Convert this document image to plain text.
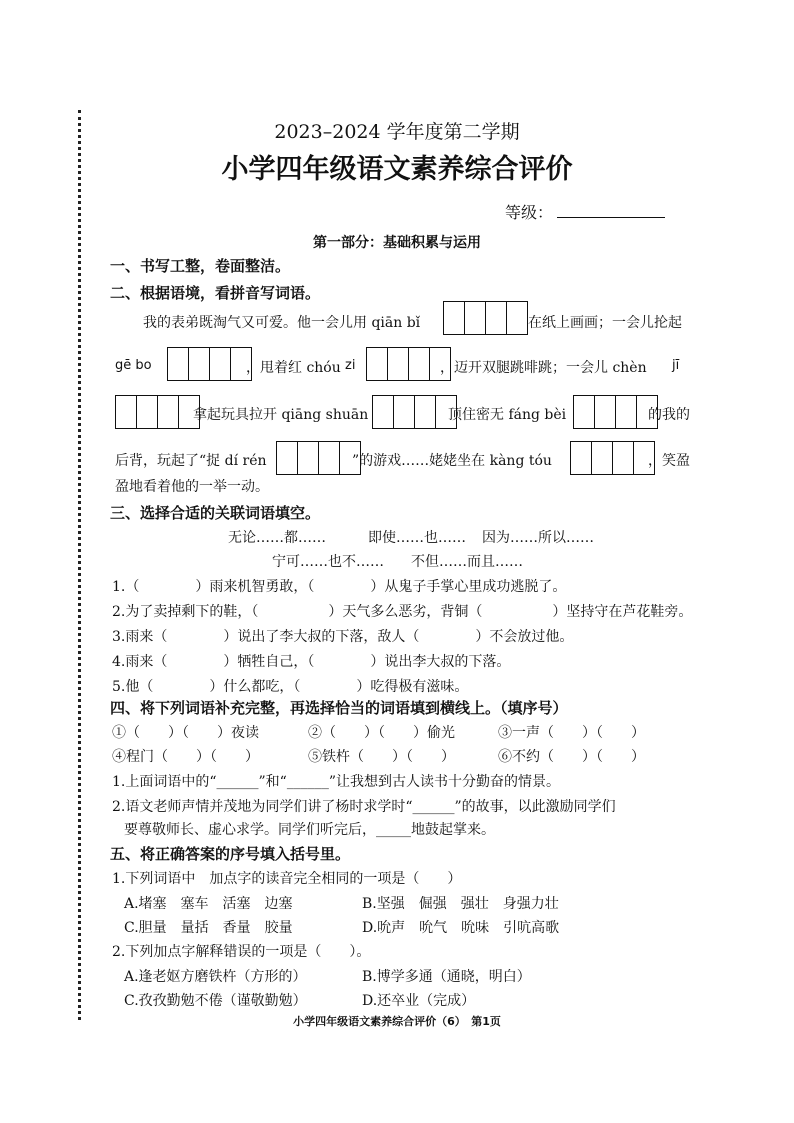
2023–2024 学年度第二学期
小学四年级语文素养综合评价
等级：
第一部分：基础积累与运用
一、书写工整，卷面整洁。
二、根据语境，看拼音写词语。
我的表弟既淘气又可爱。他一会儿用 qiān bǐ	在纸上画画；一会儿抡起
gē bo	，甩着红 chóu zi	，迈开双腿跳啡跳；一会儿 chèn jī
拿起玩具拉开 qiāng shuān	顶住密无 fáng bèi	的我的
后背，玩起了“捉 dí rén	”的游戏……姥姥坐在 kàng tóu	，笑盈
盈地看着他的一举一动。
三、选择合适的关联词语填空。
无论……都……	即使……也…… 因为……所以……
宁可……也不…… 不但……而且……
1.（　　　　）雨来机智勇敢，（　　　　）从鬼子手掌心里成功逃脱了。
2.为了卖掉剩下的鞋，（　　　　　）天气多么恶劣，背铜（　　　　　）坚持守在芦花鞋旁。
3.雨来（　　　　）说出了李大叔的下落，敌人（　　　　）不会放过他。
4.雨来（　　　　）牺牲自己，（　　　　）说出李大叔的下落。
5.他（　　　　）什么都吃，（　　　　）吃得极有滋味。
四、将下列词语补充完整，再选择恰当的词语填到横线上。（填序号）
①（　　）（　　）夜读	②（　　）（　　）偷光	③一声（　　）（　　）
④程门（　　）（　　）	⑤铁杵（　　）（　　）	⑥不约（　　）（　　）
1.上面词语中的“______”和“______”让我想到古人读书十分勤奋的情景。
2.语文老师声情并茂地为同学们讲了杨时求学时“______”的故事，以此激励同学们
要尊敬师长、虚心求学。同学们听完后，_____地鼓起掌来。
五、将正确答案的序号填入括号里。
1.下列词语中　加点字的读音完全相同的一项是（　　）
A.堵塞　塞车　活塞　边塞	B.坚强　倔强　强壮　身强力壮
C.胆量　量括　香量　胶量	D.吮声　吮气　吮味　引吭高歌
2.下列加点字解释错误的一项是（　　）。
A.逢老妪方磨铁杵（方形的）	B.博学多通（通晓，明白）
C.孜孜勤勉不倦（谨敬勤勉）	D.还卒业（完成）
小学四年级语文素养综合评价（6）　第1页
